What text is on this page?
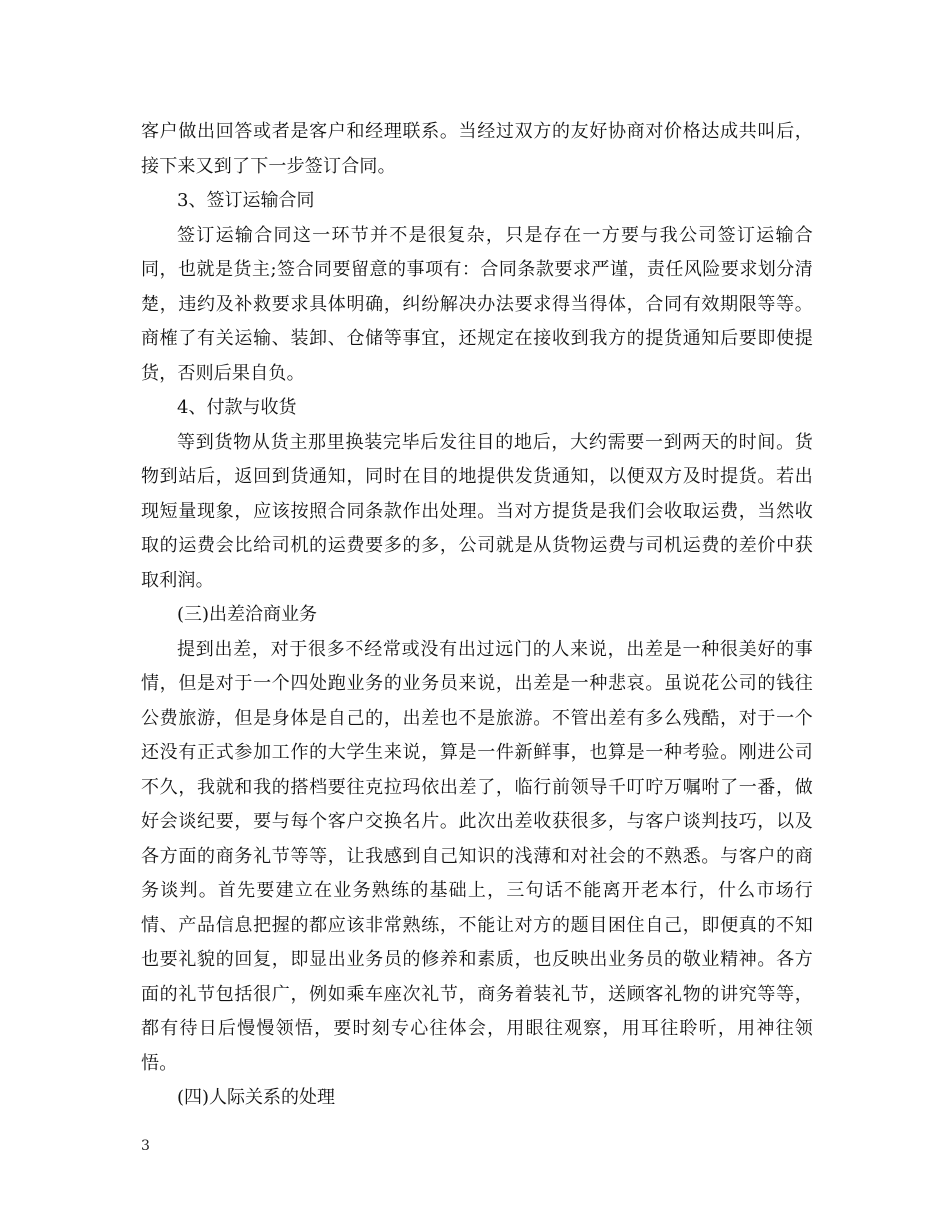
客户做出回答或者是客户和经理联系。当经过双方的友好协商对价格达成共叫后，接下来又到了下一步签订合同。

3、签订运输合同

签订运输合同这一环节并不是很复杂，只是存在一方要与我公司签订运输合同，也就是货主;签合同要留意的事项有：合同条款要求严谨，责任风险要求划分清楚，违约及补救要求具体明确，纠纷解决办法要求得当得体，合同有效期限等等。商榷了有关运输、装卸、仓储等事宜，还规定在接收到我方的提货通知后要即使提货，否则后果自负。

4、付款与收货

等到货物从货主那里换装完毕后发往目的地后，大约需要一到两天的时间。货物到站后，返回到货通知，同时在目的地提供发货通知，以便双方及时提货。若出现短量现象，应该按照合同条款作出处理。当对方提货是我们会收取运费，当然收取的运费会比给司机的运费要多的多，公司就是从货物运费与司机运费的差价中获取利润。

(三)出差洽商业务

提到出差，对于很多不经常或没有出过远门的人来说，出差是一种很美好的事情，但是对于一个四处跑业务的业务员来说，出差是一种悲哀。虽说花公司的钱往公费旅游，但是身体是自己的，出差也不是旅游。不管出差有多么残酷，对于一个还没有正式参加工作的大学生来说，算是一件新鲜事，也算是一种考验。刚进公司不久，我就和我的搭档要往克拉玛依出差了，临行前领导千叮咛万嘱咐了一番，做好会谈纪要，要与每个客户交换名片。此次出差收获很多，与客户谈判技巧，以及各方面的商务礼节等等，让我感到自己知识的浅薄和对社会的不熟悉。与客户的商务谈判。首先要建立在业务熟练的基础上，三句话不能离开老本行，什么市场行情、产品信息把握的都应该非常熟练，不能让对方的题目困住自己，即便真的不知也要礼貌的回复，即显出业务员的修养和素质，也反映出业务员的敬业精神。各方面的礼节包括很广，例如乘车座次礼节，商务着装礼节，送顾客礼物的讲究等等，都有待日后慢慢领悟，要时刻专心往体会，用眼往观察，用耳往聆听，用神往领悟。

(四)人际关系的处理

3
